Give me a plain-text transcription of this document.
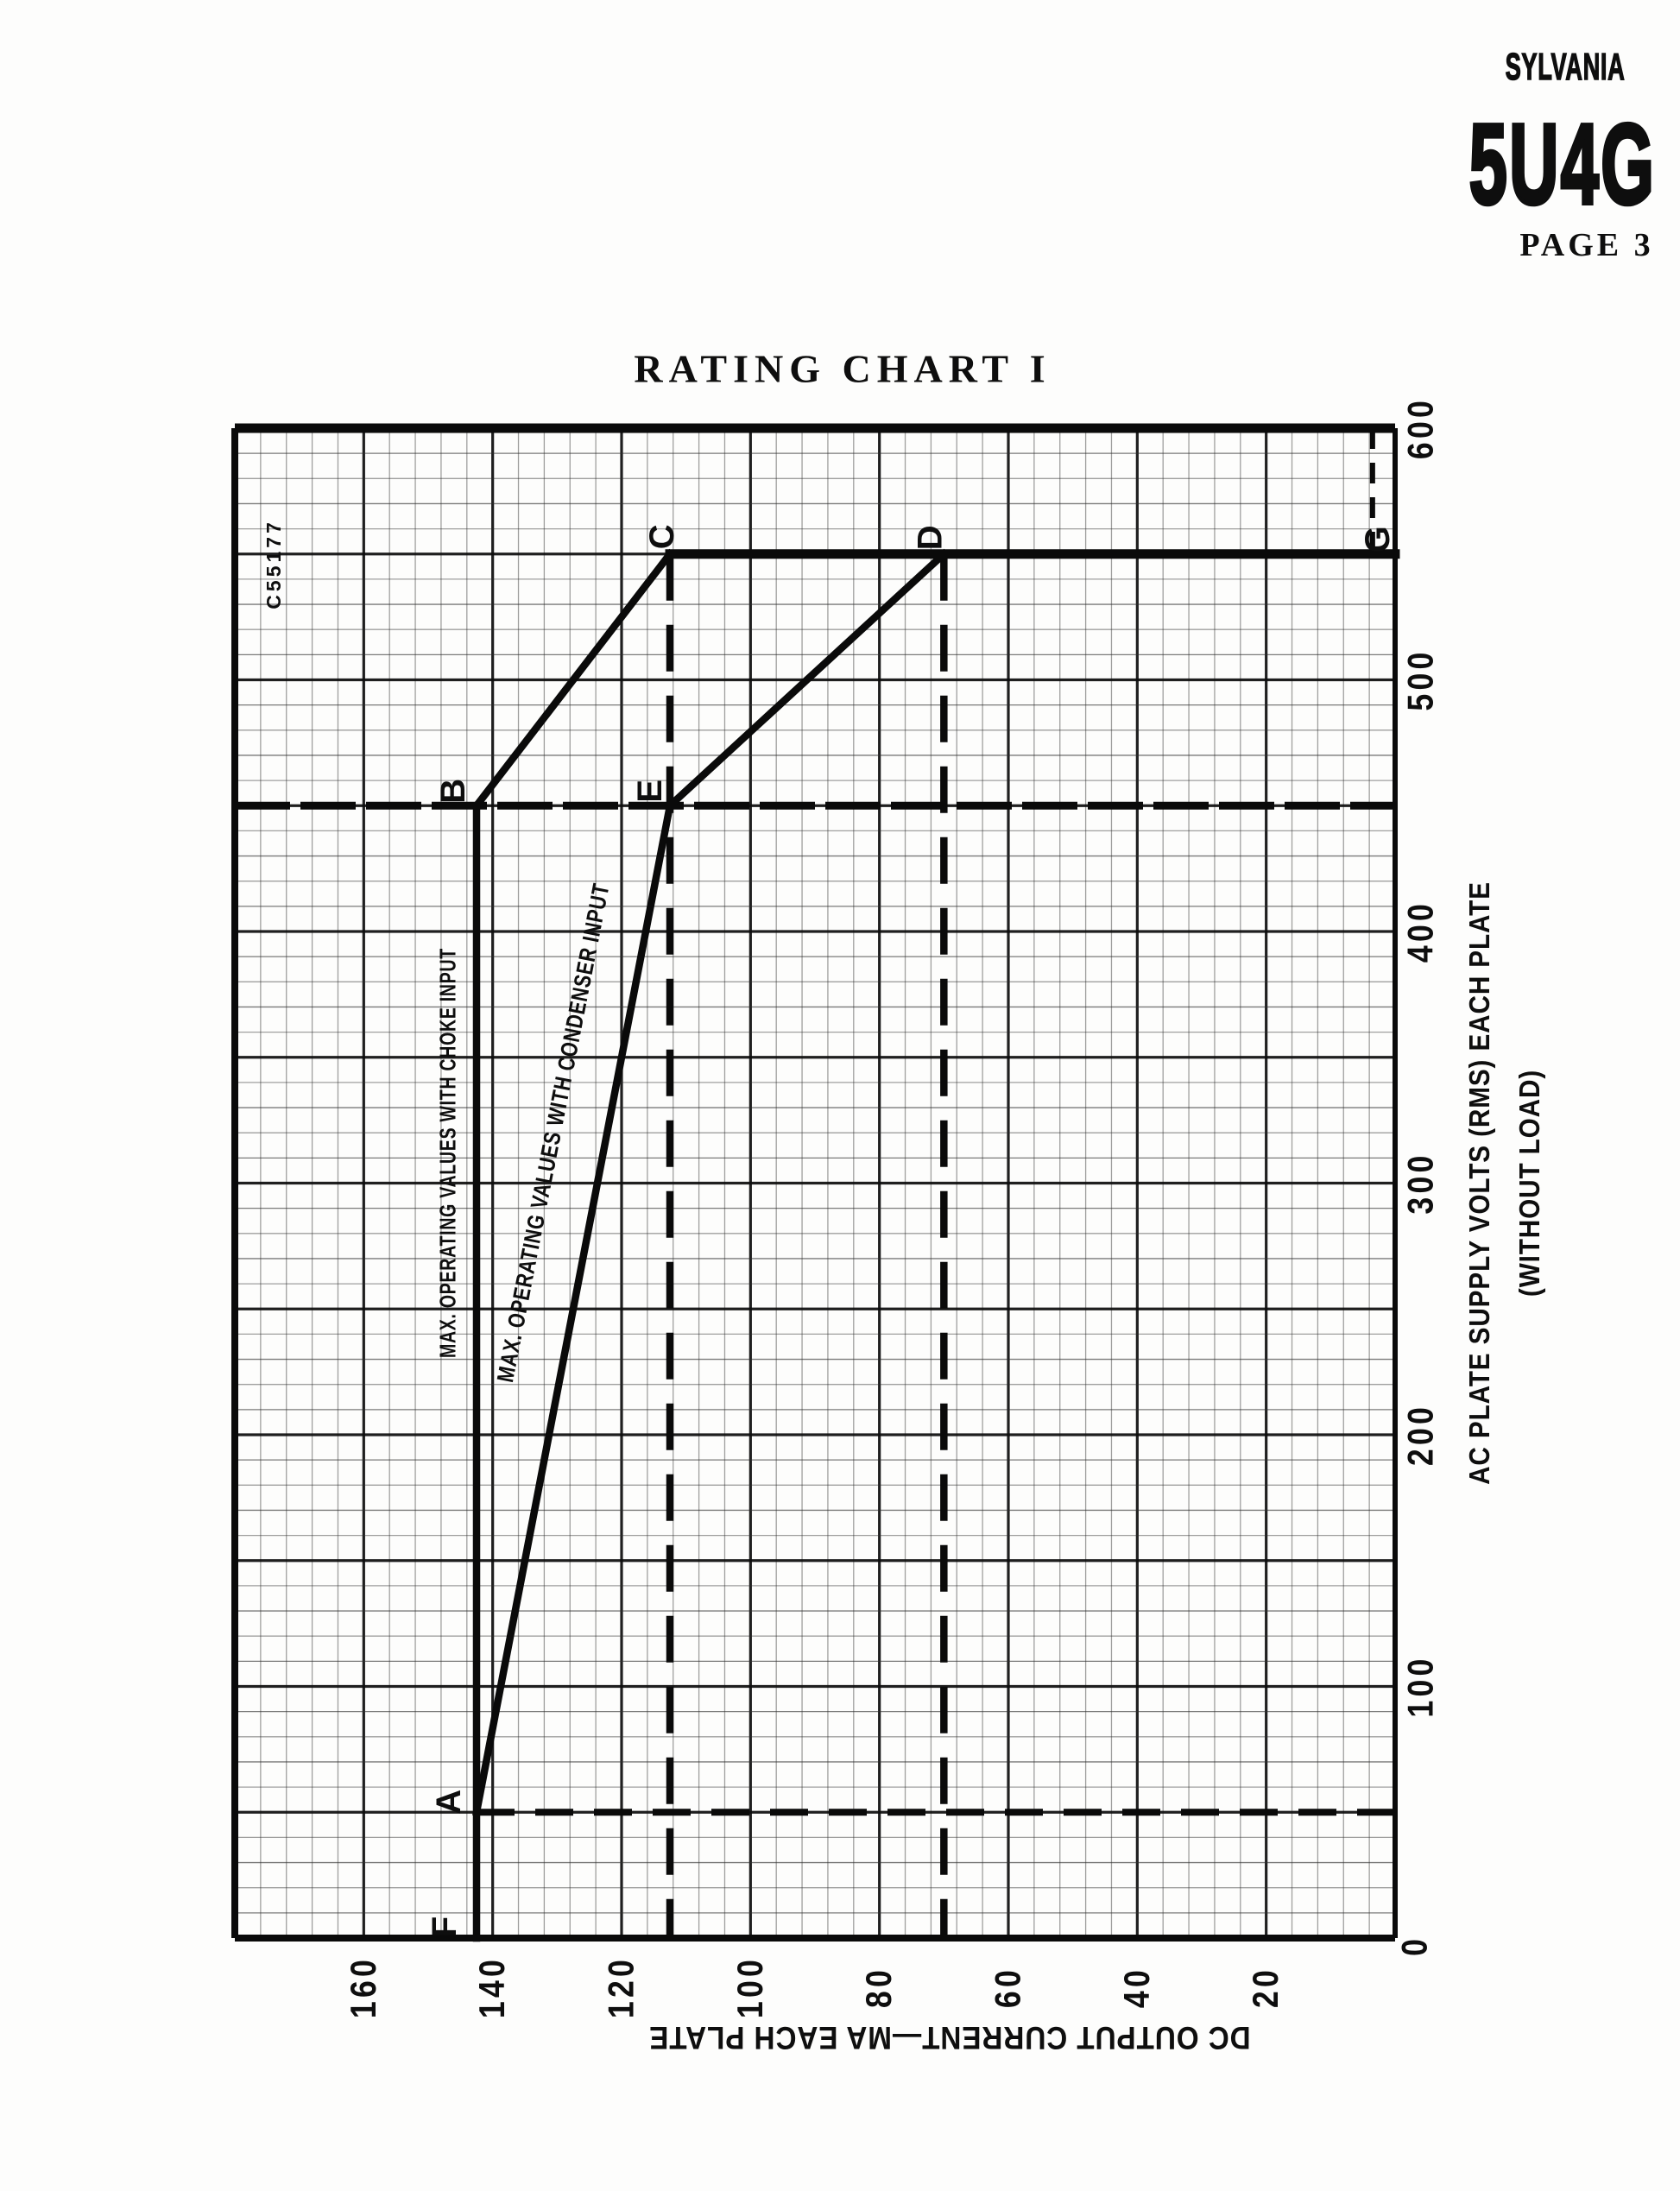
SYLVANIA
5U4G
PAGE 3
RATING CHART I
A
B
C	D
E
F
G
20
40
60
80
100
120
140
160
100
200
300
400
500
600
0
AC PLATE SUPPLY VOLTS (RMS) EACH PLATE (WITHOUT LOAD)
DC OUTPUT CURRENT—MA EACH PLATE
MAX. OPERATING VALUES WITH CHOKE INPUT MAX. OPERATING VALUES WITH CONDENSER INPUT
C55177
